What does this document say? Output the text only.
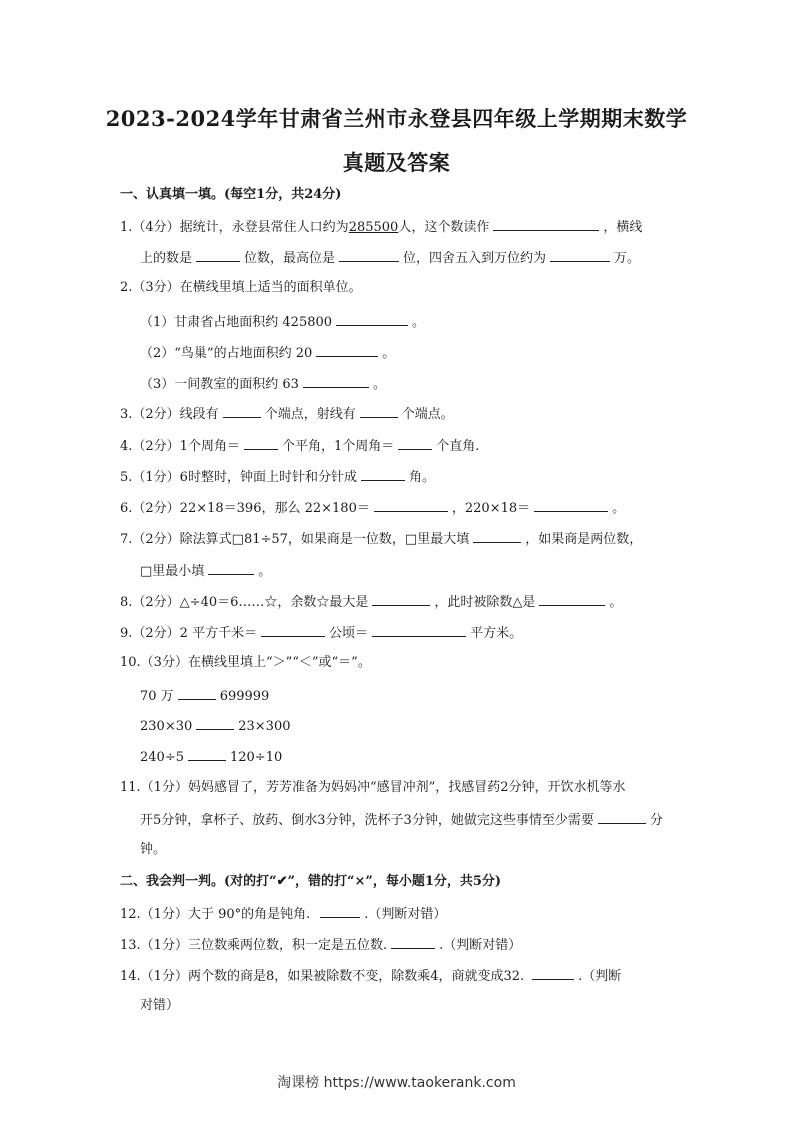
2023-2024学年甘肃省兰州市永登县四年级上学期期末数学
真题及答案
一、认真填一填。(每空1分，共24分)
1.（4分）据统计，永登县常住人口约为285500人，这个数读作	，横线
上的数是	位数，最高位是	位，四舍五入到万位约为	万。
2.（3分）在横线里填上适当的面积单位。
（1）甘肃省占地面积约 425800	。
（2）“鸟巢”的占地面积约 20	。
（3）一间教室的面积约 63	。
3.（2分）线段有	个端点，射线有	个端点。
4.（2分）1个周角＝	个平角，1个周角＝	个直角.
5.（1分）6时整时，钟面上时针和分针成	角。
6.（2分）22×18＝396，那么 22×180＝	，220×18＝	。
7.（2分）除法算式□81÷57，如果商是一位数，□里最大填	，如果商是两位数，
□里最小填	。
8.（2分）△÷40＝6……☆，余数☆最大是	，此时被除数△是	。
9.（2分）2 平方千米＝	公顷＝	平方米。
10.（3分）在横线里填上“＞”“＜”或“＝”。
70 万	699999
230×30	23×300
240÷5	120÷10
11.（1分）妈妈感冒了，芳芳准备为妈妈冲“感冒冲剂”，找感冒药2分钟，开饮水机等水
开5分钟，拿杯子、放药、倒水3分钟，洗杯子3分钟，她做完这些事情至少需要	分
钟。
二、我会判一判。(对的打“✔”，错的打“×”，每小题1分，共5分)
12.（1分）大于 90°的角是钝角.	.（判断对错）
13.（1分）三位数乘两位数，积一定是五位数.	.（判断对错）
14.（1分）两个数的商是8，如果被除数不变，除数乘4，商就变成32.	.（判断
对错）
淘课榜 https://www.taokerank.com
